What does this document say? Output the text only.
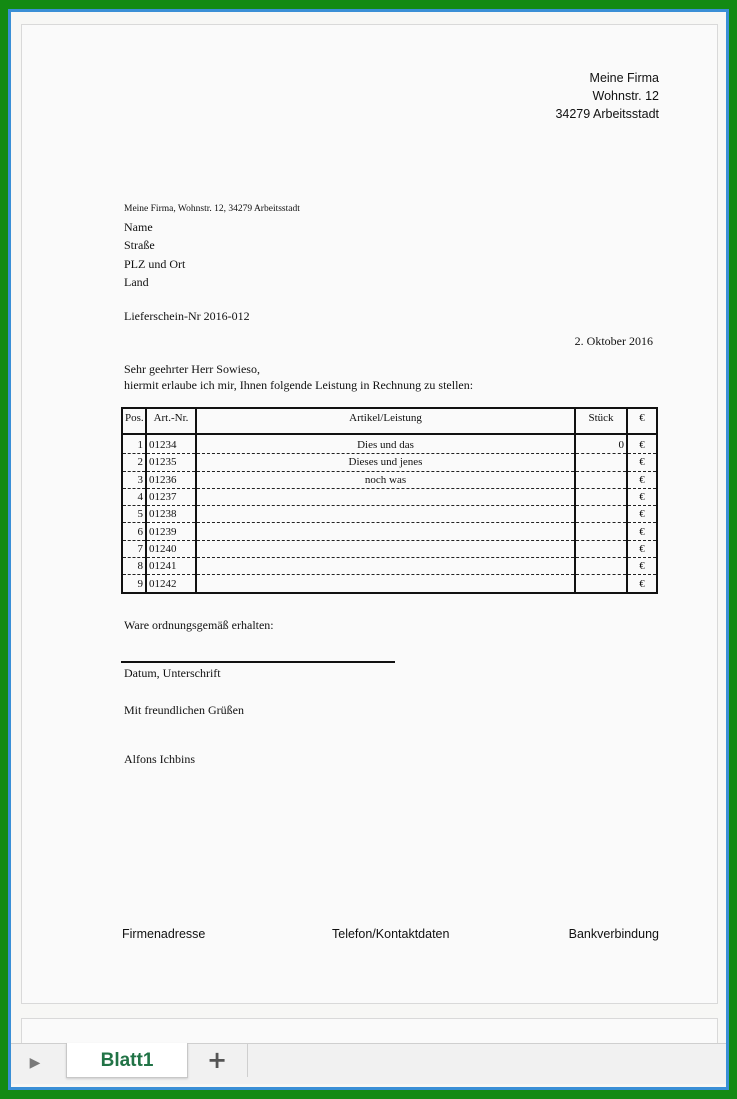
Meine Firma
Wohnstr. 12
34279 Arbeitsstadt
Meine Firma, Wohnstr. 12, 34279 Arbeitsstadt
Name
Straße
PLZ und Ort
Land
Lieferschein-Nr 2016-012
2. Oktober 2016
Sehr geehrter Herr Sowieso,
hiermit erlaube ich mir, Ihnen folgende Leistung in Rechnung zu stellen:
Pos.	Art.-Nr.	Artikel/Leistung	Stück	€
1	01234	Dies und das	0	€
2	01235	Dieses und jenes		€
3	01236	noch was		€
4	01237			€
5	01238			€
6	01239			€
7	01240			€
8	01241			€
9	01242			€
Ware ordnungsgemäß erhalten:
Datum, Unterschrift
Mit freundlichen Grüßen
Alfons Ichbins
Firmenadresse	Telefon/Kontaktdaten	Bankverbindung
▶	Blatt1	+
